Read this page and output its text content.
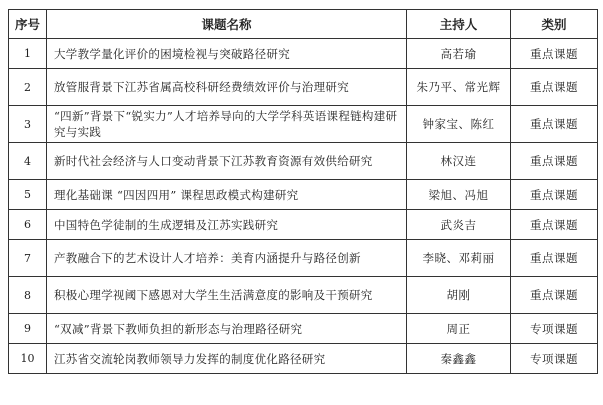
序号	课题名称	主持人	类别
1	大学教学量化评价的困境检视与突破路径研究	高若瑜	重点课题
2	放管服背景下江苏省属高校科研经费绩效评价与治理研究	朱乃平、常光辉	重点课题
3	“四新”背景下“锐实力”人才培养导向的大学学科英语课程链构建研究与实践	钟家宝、陈红	重点课题
4	新时代社会经济与人口变动背景下江苏教育资源有效供给研究	林汉连	重点课题
5	理化基础课 “四因四用” 课程思政模式构建研究	梁旭、冯旭	重点课题
6	中国特色学徒制的生成逻辑及江苏实践研究	武炎吉	重点课题
7	产教融合下的艺术设计人才培养：美育内涵提升与路径创新	李晓、邓莉丽	重点课题
8	积极心理学视阈下感恩对大学生生活满意度的影响及干预研究	胡刚	重点课题
9	“双减”背景下教师负担的新形态与治理路径研究	周正	专项课题
10	江苏省交流轮岗教师领导力发挥的制度优化路径研究	秦鑫鑫	专项课题
